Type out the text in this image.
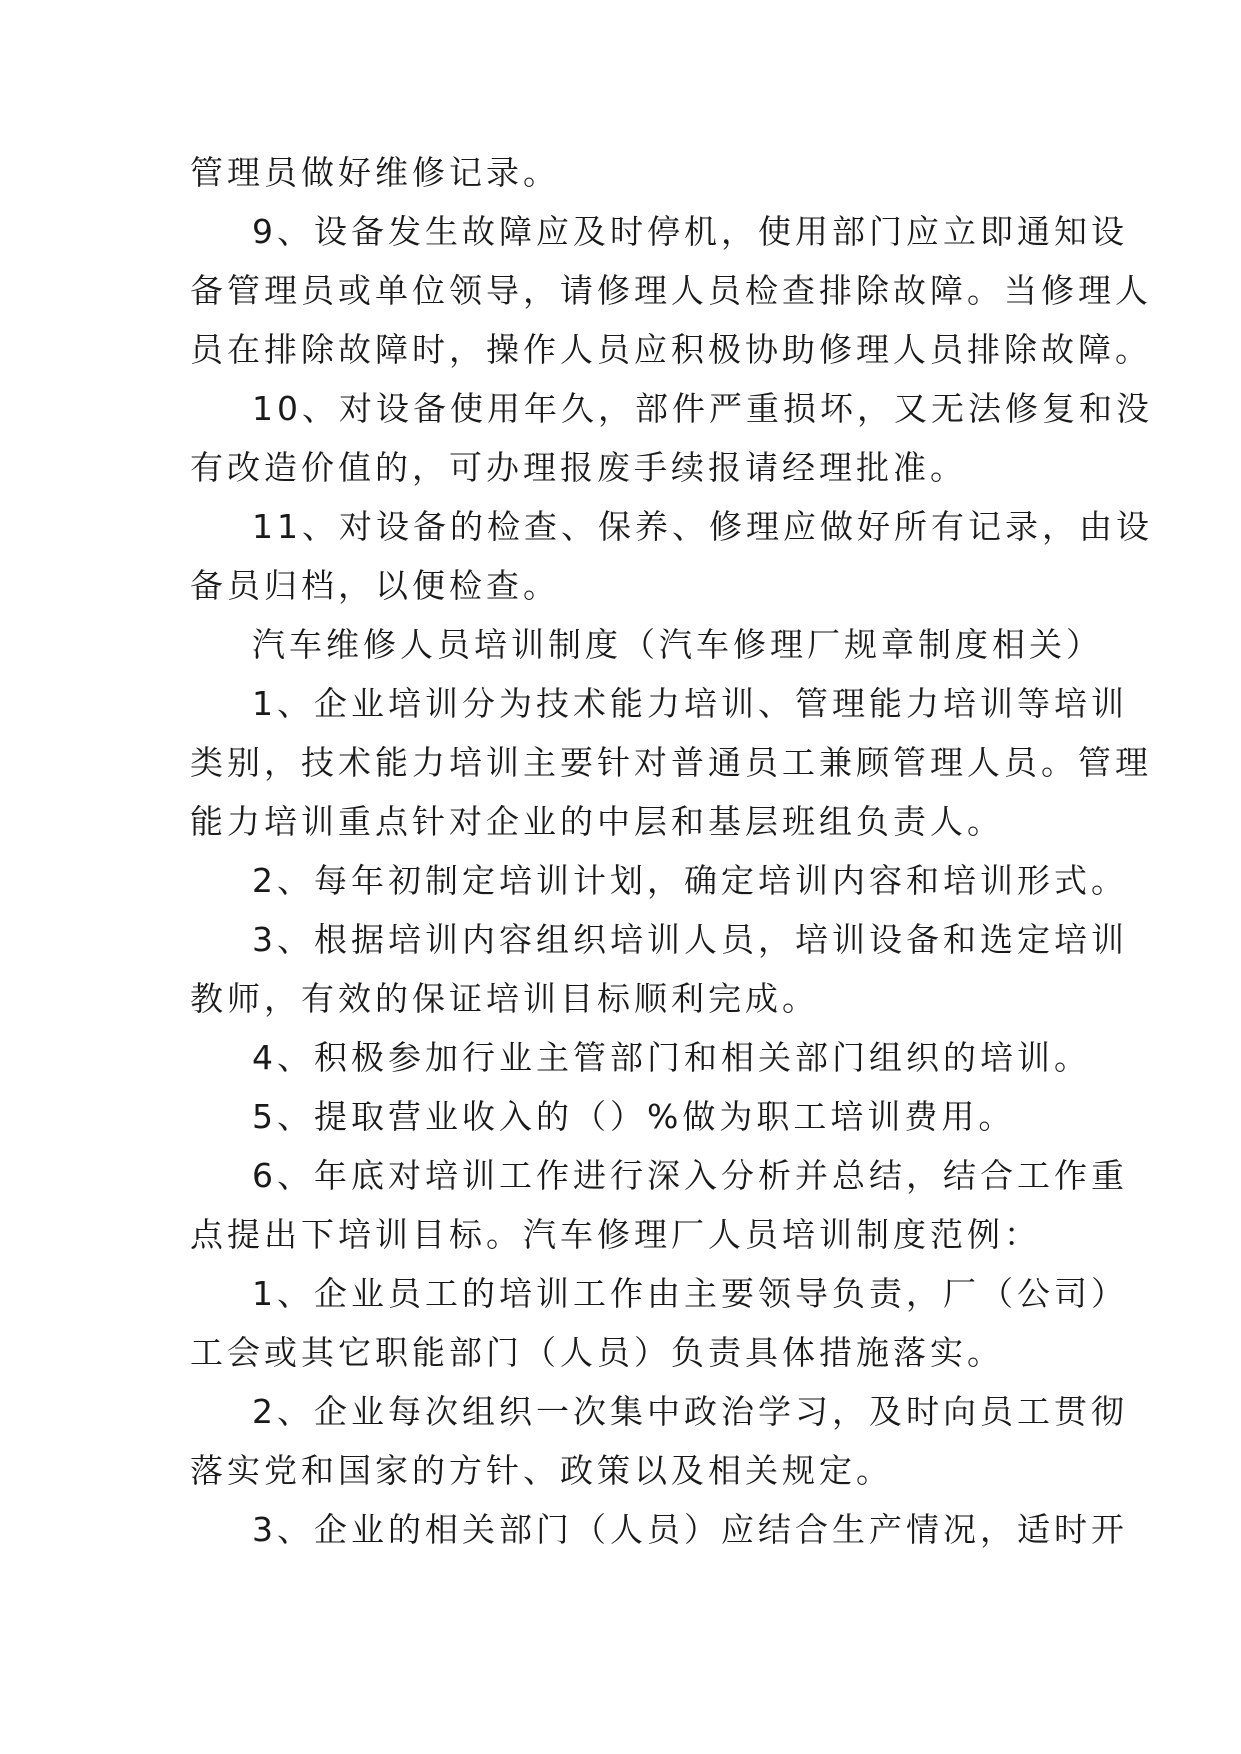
管理员做好维修记录。
9、设备发生故障应及时停机，使用部门应立即通知设
备管理员或单位领导，请修理人员检查排除故障。当修理人
员在排除故障时，操作人员应积极协助修理人员排除故障。
10、对设备使用年久，部件严重损坏，又无法修复和没
有改造价值的，可办理报废手续报请经理批准。
11、对设备的检查、保养、修理应做好所有记录，由设
备员归档，以便检查。
汽车维修人员培训制度（汽车修理厂规章制度相关）
1、企业培训分为技术能力培训、管理能力培训等培训
类别，技术能力培训主要针对普通员工兼顾管理人员。管理
能力培训重点针对企业的中层和基层班组负责人。
2、每年初制定培训计划，确定培训内容和培训形式。
3、根据培训内容组织培训人员，培训设备和选定培训
教师，有效的保证培训目标顺利完成。
4、积极参加行业主管部门和相关部门组织的培训。
5、提取营业收入的（）%做为职工培训费用。
6、年底对培训工作进行深入分析并总结，结合工作重
点提出下培训目标。汽车修理厂人员培训制度范例：
1、企业员工的培训工作由主要领导负责，厂（公司）
工会或其它职能部门（人员）负责具体措施落实。
2、企业每次组织一次集中政治学习，及时向员工贯彻
落实党和国家的方针、政策以及相关规定。
3、企业的相关部门（人员）应结合生产情况，适时开
